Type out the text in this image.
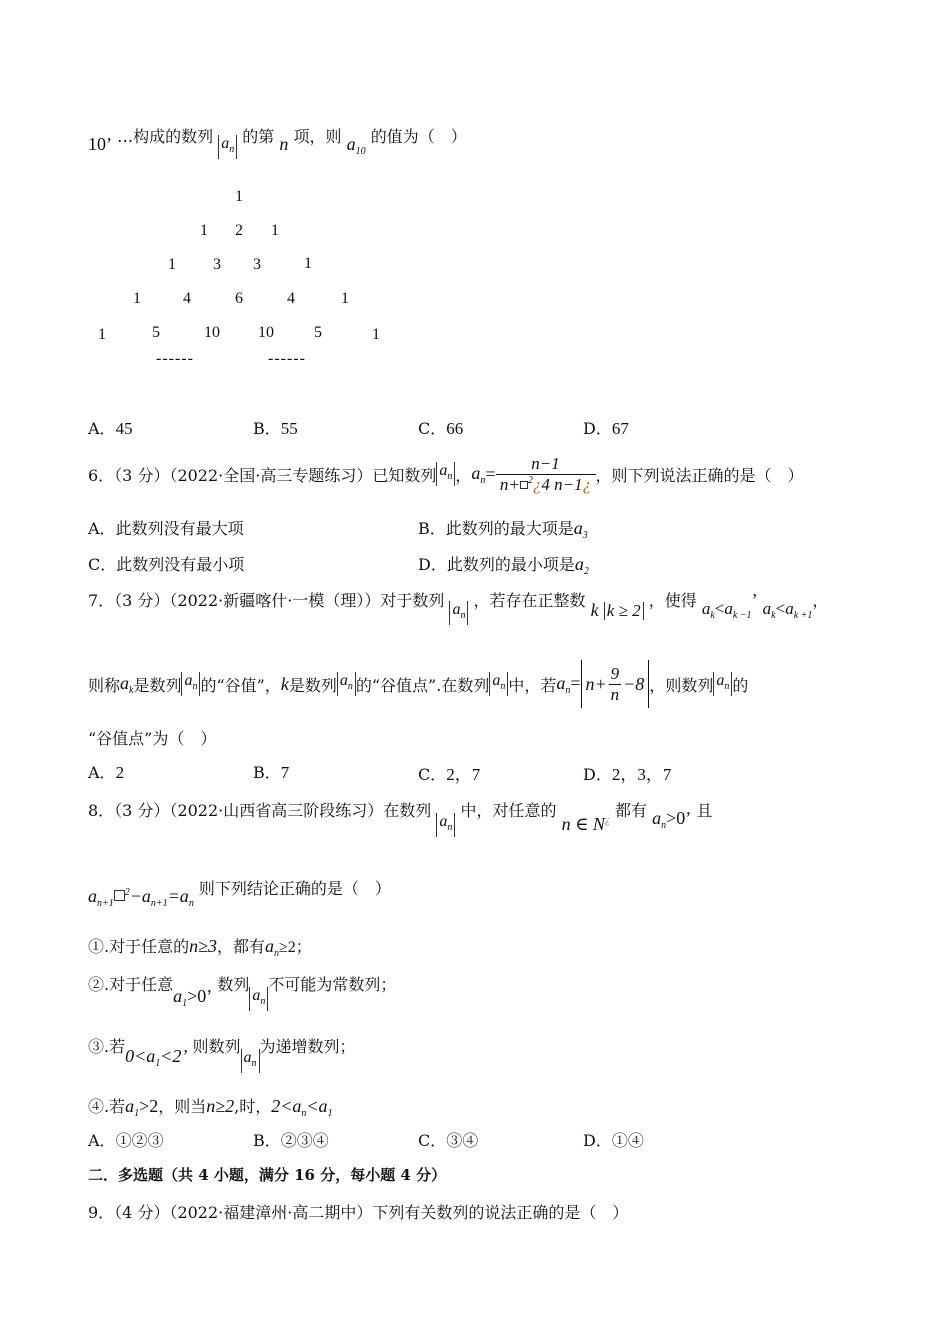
10’ …构成的数列 $a_n$ 的第 n 项，则 $a_{10}$ 的值为（　）
1
1 2 1
1 3 3	1
1	4	6	4	1
1	5	10 10	5	1
------	------
A．45	B．55	C．66	D．67
6．（3 分）（2022·全国·高三专题练习）已知数列 $a_n$ ， $a_n = \frac{n-1}{n+ ^2¿4 n-1¿}$ ，则下列说法正确的是（　）
A．此数列没有最大项	B．此数列的最大项是$a_3$
C．此数列没有最小项	D．此数列的最小项是$a_2$
7．（3 分）（2022·新疆喀什·一模（理））对于数列 $a_n$ ，若存在正整数 k k ≥ 2 ，使得 $a_k<a_{k -1}$’ $a_k<a_{k +1}$，
则称 $a_k$ 是数列 $a_n$ 的“谷值”， k 是数列 $a_n$ 的“谷值点”.在数列 $a_n$ 中，若 $a_n= n+ \frac{9}{n} -8$ ，则数列 $a_n$ 的
“谷值点”为（　）
A．2	B．7	C．2，7	D．2，3，7
8．（3 分）（2022·山西省高三阶段练习）在数列 $a_n$ 中，对任意的 n ∈ N¿ 都有 $a_n>0$’ 且
$a_{n+1}^2-a_{n+1}=a_n$ 则下列结论正确的是（　）
①.对于任意的n≥3，都有$a_n\ge 2$；
②.对于任意$a_1>0$’ 数列$a_n$不可能为常数列；
③.若$0<a_1<2$’ 则数列$a_n$为递增数列；
④.若$a_1>2$，则当n≥2,时，$2<a_n<a_1$
A．①②③	B．②③④	C．③④	D．①④
二．多选题（共 4 小题，满分 16 分，每小题 4 分）
9．（4 分）（2022·福建漳州·高二期中）下列有关数列的说法正确的是（　）
